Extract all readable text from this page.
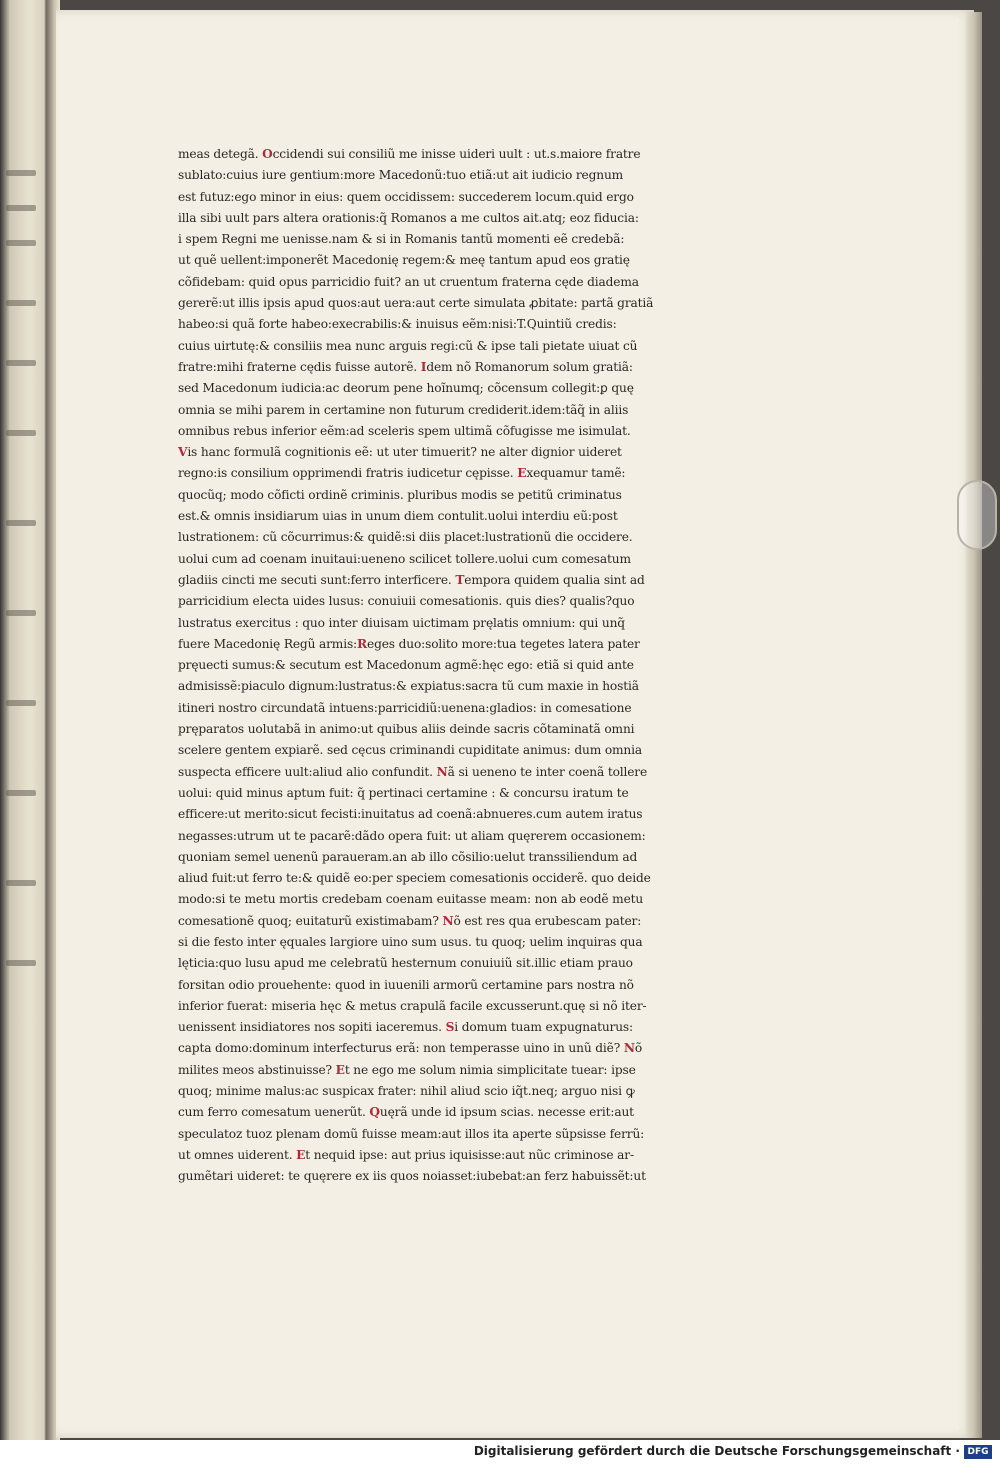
meas detegã. Occidendi sui consiliũ me inisse uideri uult : ut.s.maiore fratre
sublato:cuius iure gentium:more Macedonũ:tuo etiã:ut ait iudicio regnum
est futuz:ego minor in eius: quem occidissem: succederem locum.quid ergo
illa sibi uult pars altera orationis:q̃ Romanos a me cultos ait.atq; eoz fiducia:
i spem Regni me uenisse.nam & si in Romanis tantũ momenti eẽ credebã:
ut quẽ uellent:imponerẽt Macedonię regem:& meę tantum apud eos gratię
cõfidebam: quid opus parricidio fuit? an ut cruentum fraterna cęde diadema
gererẽ:ut illis ipsis apud quos:aut uera:aut certe simulata ꝓbitate: partã gratiã
habeo:si quã forte habeo:execrabilis:& inuisus eẽm:nisi:T.Quintiũ credis:
cuius uirtutę:& consiliis mea nunc arguis regi:cũ & ipse tali pietate uiuat cũ
fratre:mihi fraterne cędis fuisse autorẽ. Idem nõ Romanorum solum gratiã:
sed Macedonum iudicia:ac deorum pene hoĩnumq; cõcensum collegit:ꝑ quę
omnia se mihi parem in certamine non futurum crediderit.idem:tãq̃ in aliis
omnibus rebus inferior eẽm:ad sceleris spem ultimã cõfugisse me isimulat.
Vis hanc formulã cognitionis eẽ: ut uter timuerit? ne alter dignior uideret
regno:is consilium opprimendi fratris iudicetur cępisse. Exequamur tamẽ:
quocũq; modo cõficti ordinẽ criminis. pluribus modis se petitũ criminatus
est.& omnis insidiarum uias in unum diem contulit.uolui interdiu eũ:post
lustrationem: cũ cõcurrimus:& quidẽ:si diis placet:lustrationũ die occidere.
uolui cum ad coenam inuitaui:ueneno scilicet tollere.uolui cum comesatum
gladiis cincti me secuti sunt:ferro interficere. Tempora quidem qualia sint ad
parricidium electa uides lusus: conuiuii comesationis. quis dies? qualis?quo
lustratus exercitus : quo inter diuisam uictimam pręlatis omnium: qui unq̃
fuere Macedonię Regũ armis:Reges duo:solito more:tua tegetes latera pater
pręuecti sumus:& secutum est Macedonum agmẽ:hęc ego: etiã si quid ante
admisissẽ:piaculo dignum:lustratus:& expiatus:sacra tũ cum maxie in hostiã
itineri nostro circundatã intuens:parricidiũ:uenena:gladios: in comesatione
pręparatos uolutabã in animo:ut quibus aliis deinde sacris cõtaminatã omni
scelere gentem expiarẽ. sed cęcus criminandi cupiditate animus: dum omnia
suspecta efficere uult:aliud alio confundit. Nã si ueneno te inter coenã tollere
uolui: quid minus aptum fuit: q̃ pertinaci certamine : & concursu iratum te
efficere:ut merito:sicut fecisti:inuitatus ad coenã:abnueres.cum autem iratus
negasses:utrum ut te pacarẽ:dãdo opera fuit: ut aliam quęrerem occasionem:
quoniam semel uenenũ paraueram.an ab illo cõsilio:uelut transsiliendum ad
aliud fuit:ut ferro te:& quidẽ eo:per speciem comesationis occiderẽ. quo deide
modo:si te metu mortis credebam coenam euitasse meam: non ab eodẽ metu
comesationẽ quoq; euitaturũ existimabam? Nõ est res qua erubescam pater:
si die festo inter ęquales largiore uino sum usus. tu quoq; uelim inquiras qua
lęticia:quo lusu apud me celebratũ hesternum conuiuiũ sit.illic etiam prauo
forsitan odio prouehente: quod in iuuenili armorũ certamine pars nostra nõ
inferior fuerat: miseria hęc & metus crapulã facile excusserunt.quę si nõ iter-
uenissent insidiatores nos sopiti iaceremus. Si domum tuam expugnaturus:
capta domo:dominum interfecturus erã: non temperasse uino in unũ diẽ? Nõ
milites meos abstinuisse? Et ne ego me solum nimia simplicitate tuear: ipse
quoq; minime malus:ac suspicax frater: nihil aliud scio iq̃t.neq; arguo nisi ꝙ
cum ferro comesatum uenerũt. Quęrã unde id ipsum scias. necesse erit:aut
speculatoz tuoz plenam domũ fuisse meam:aut illos ita aperte sũpsisse ferrũ:
ut omnes uiderent. Et nequid ipse: aut prius iquisisse:aut nũc criminose ar-
gumẽtari uideret: te quęrere ex iis quos noiasset:iubebat:an ferz habuissẽt:ut
Digitalisierung gefördert durch die Deutsche Forschungsgemeinschaft · DFG
